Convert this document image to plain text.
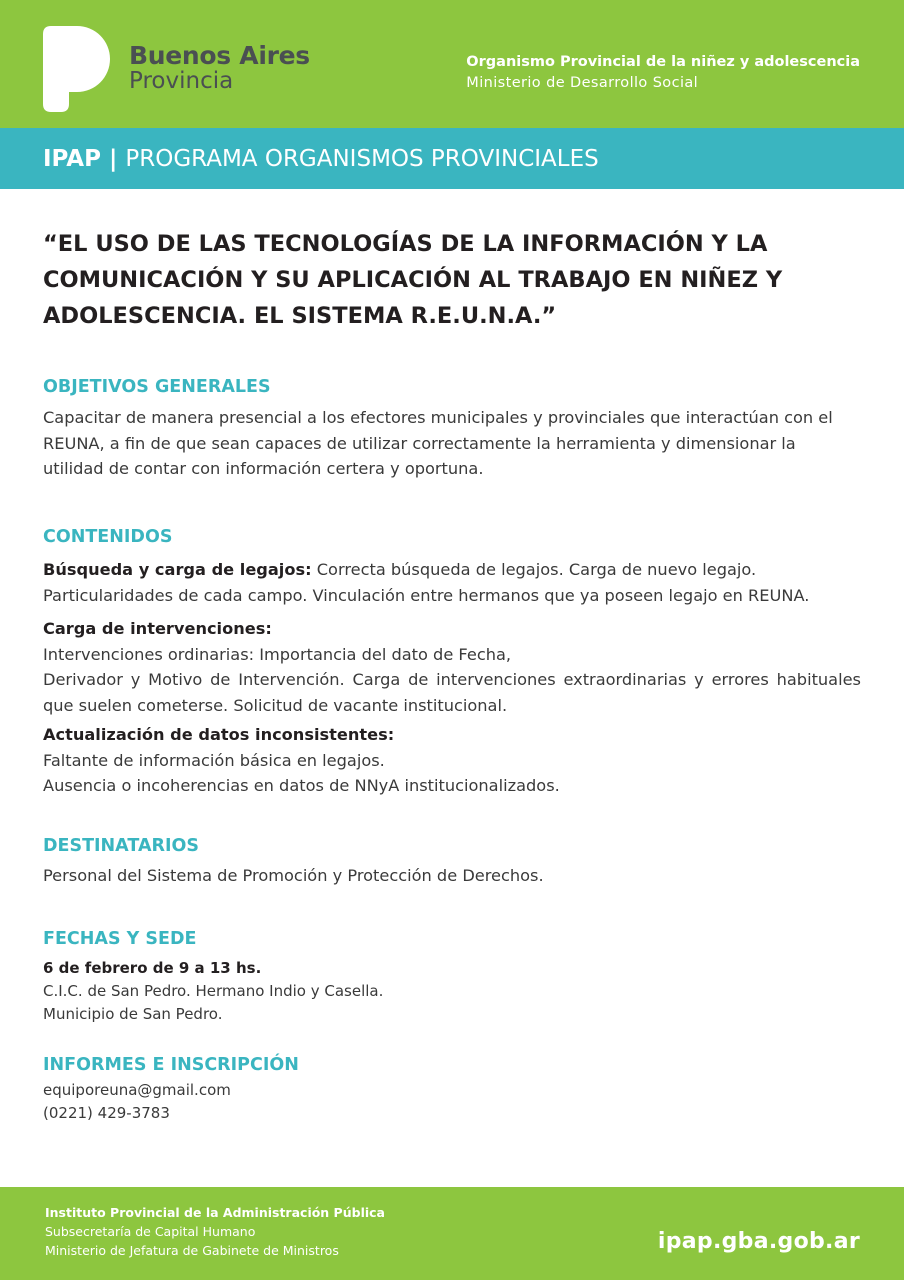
Buenos Aires
Provincia
Organismo Provincial de la niñez y adolescencia
Ministerio de Desarrollo Social
IPAP | PROGRAMA ORGANISMOS PROVINCIALES
“EL USO DE LAS TECNOLOGÍAS DE LA INFORMACIÓN Y LA COMUNICACIÓN Y SU APLICACIÓN AL TRABAJO EN NIÑEZ Y ADOLESCENCIA. EL SISTEMA R.E.U.N.A.”
OBJETIVOS GENERALES

Capacitar de manera presencial a los efectores municipales y provinciales que interactúan con el REUNA, a fin de que sean capaces de utilizar correctamente la herramienta y dimensionar la utilidad de contar con información certera y oportuna.

CONTENIDOS

Búsqueda y carga de legajos: Correcta búsqueda de legajos. Carga de nuevo legajo. Particularidades de cada campo. Vinculación entre hermanos que ya poseen legajo en REUNA.

Carga de intervenciones:
Intervenciones ordinarias: Importancia del dato de Fecha,
Derivador y Motivo de Intervención. Carga de intervenciones extraordinarias y errores habituales que suelen cometerse. Solicitud de vacante institucional.

Actualización de datos inconsistentes:
Faltante de información básica en legajos.
Ausencia o incoherencias en datos de NNyA institucionalizados.

DESTINATARIOS

Personal del Sistema de Promoción y Protección de Derechos.

FECHAS Y SEDE

6 de febrero de 9 a 13 hs.
C.I.C. de San Pedro. Hermano Indio y Casella.
Municipio de San Pedro.

INFORMES E INSCRIPCIÓN

equiporeuna@gmail.com
(0221) 429-3783

Instituto Provincial de la Administración Pública
Subsecretaría de Capital Humano
Ministerio de Jefatura de Gabinete de Ministros	ipap.gba.gob.ar
